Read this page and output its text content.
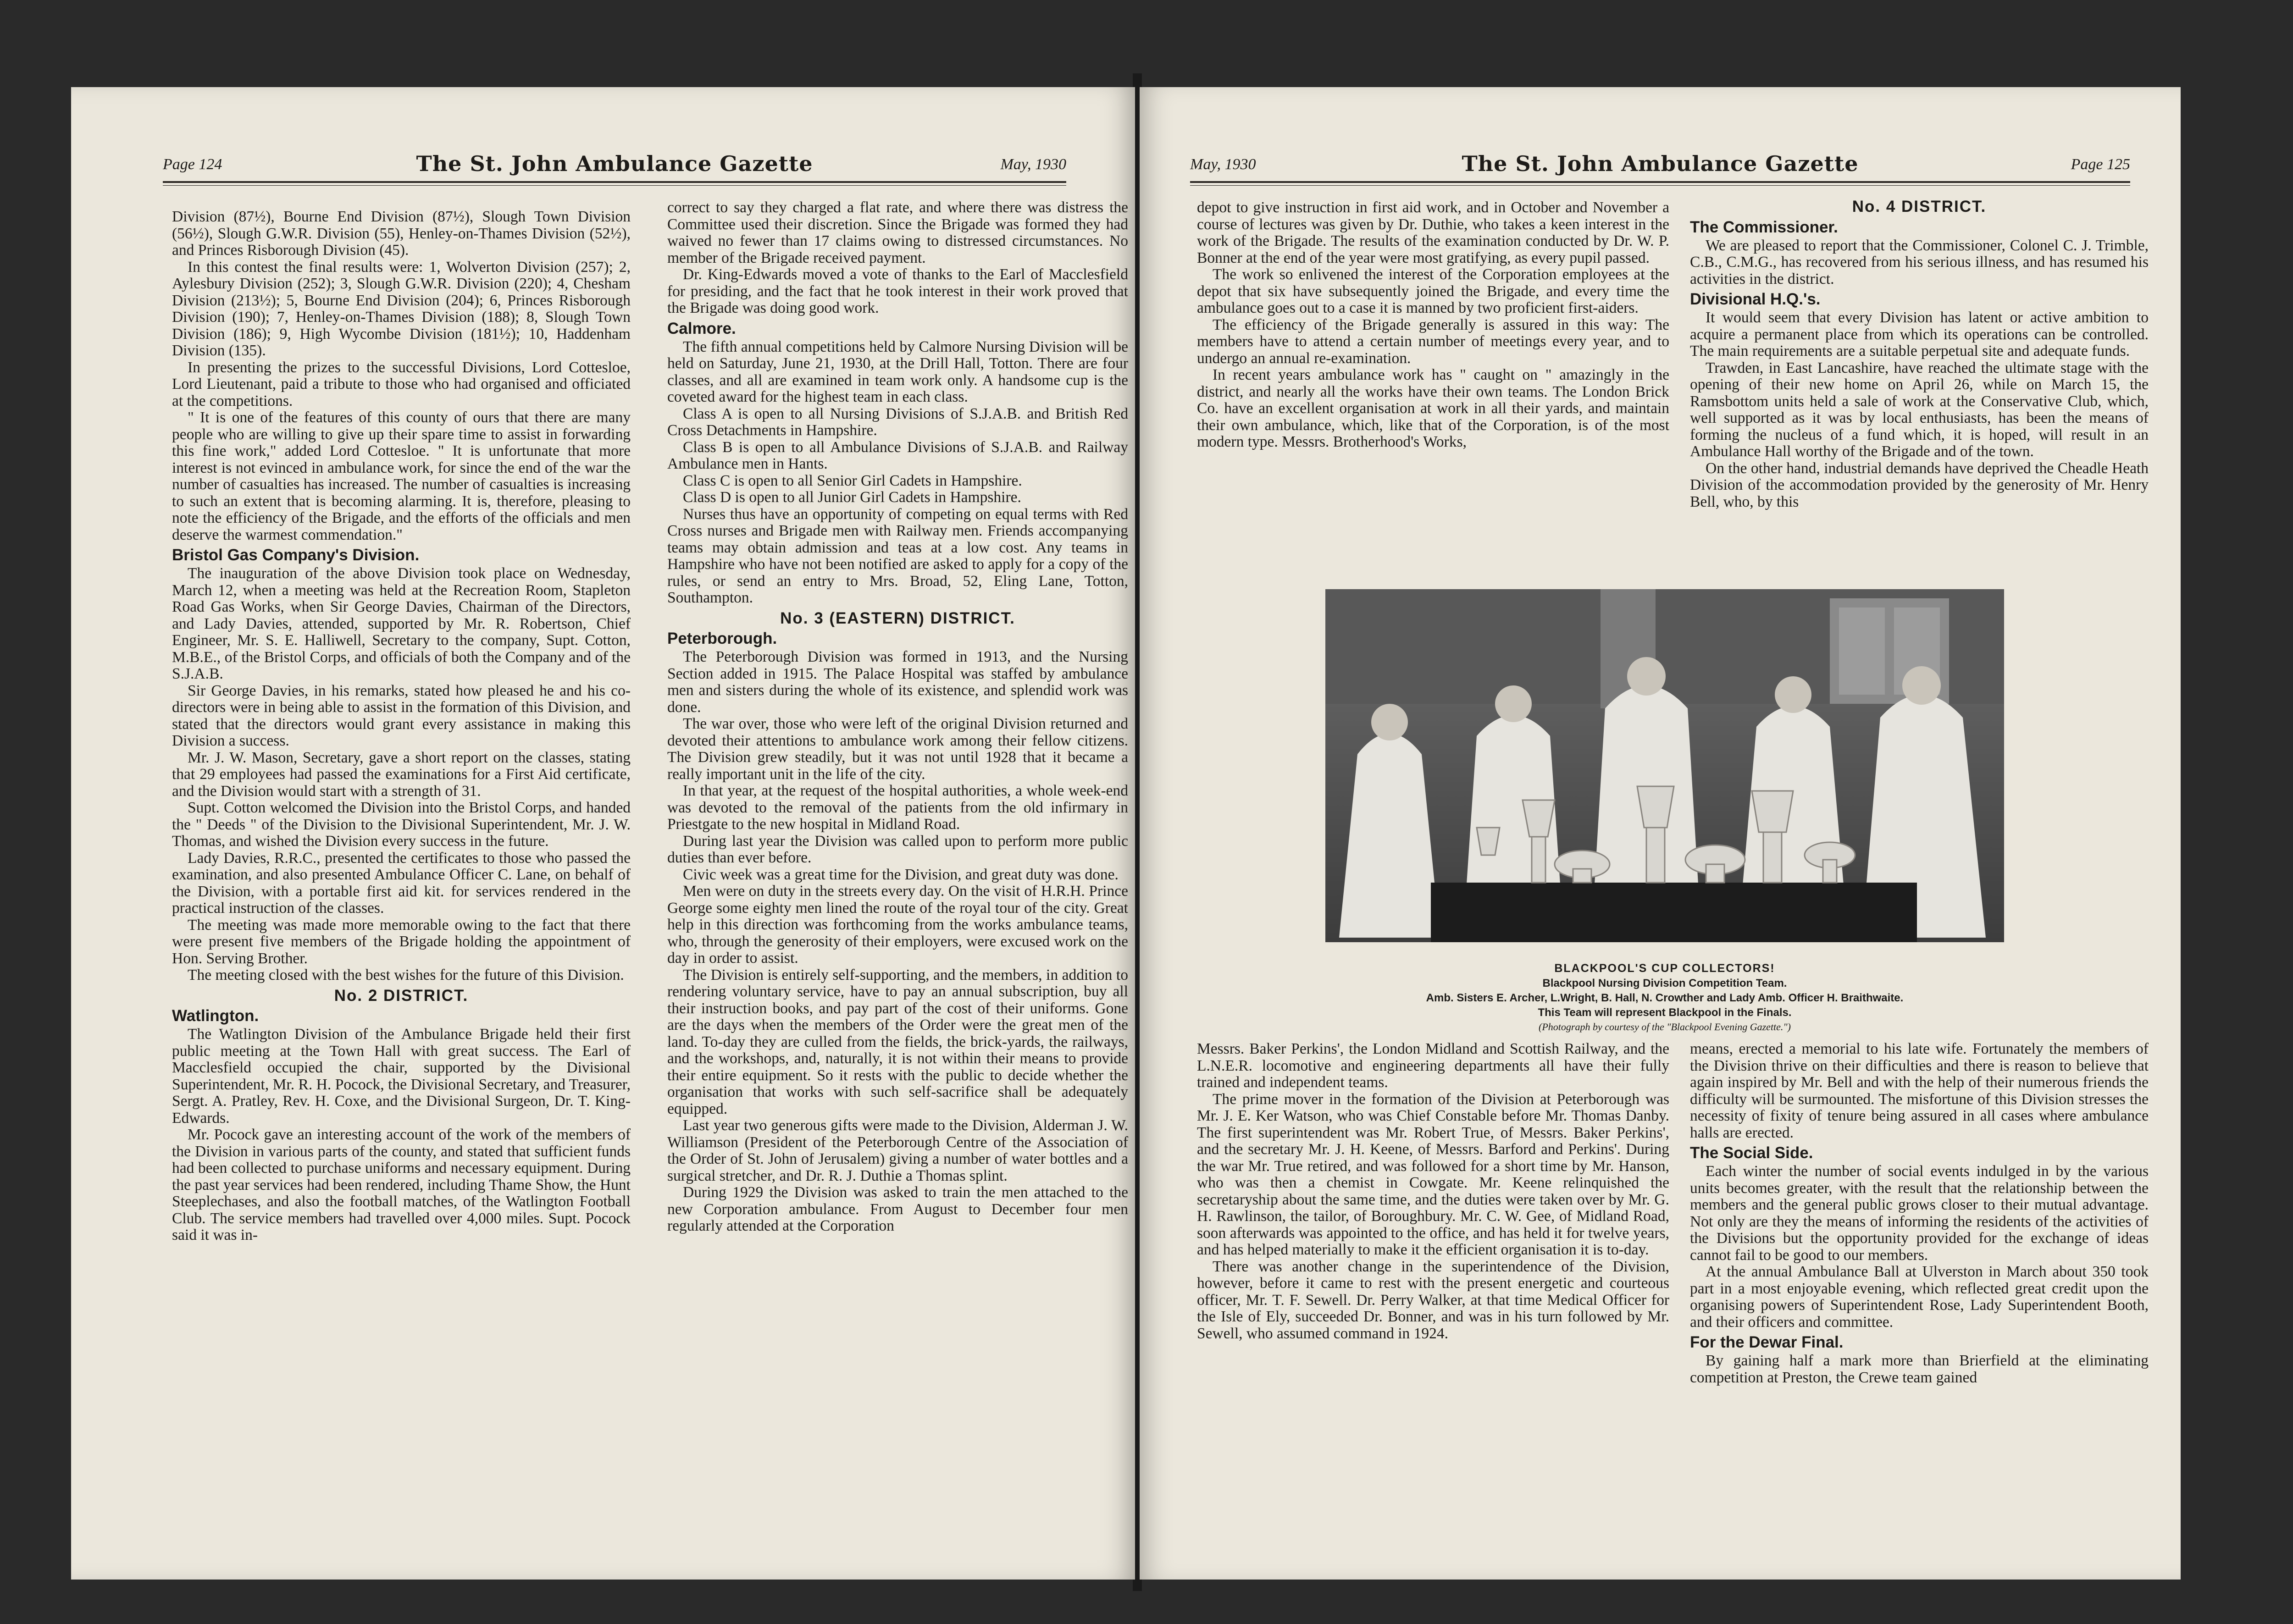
Page 124	The St. John Ambulance Gazette	May, 1930

Division (87½), Bourne End Division (87½), Slough Town Division (56½), Slough G.W.R. Division (55), Henley-on-Thames Division (52½), and Princes Risborough Division (45).

In this contest the final results were: 1, Wolverton Division (257); 2, Aylesbury Division (252); 3, Slough G.W.R. Division (220); 4, Chesham Division (213½); 5, Bourne End Division (204); 6, Princes Risborough Division (190); 7, Henley-on-Thames Division (188); 8, Slough Town Division (186); 9, High Wycombe Division (181½); 10, Haddenham Division (135).

In presenting the prizes to the successful Divisions, Lord Cottesloe, Lord Lieutenant, paid a tribute to those who had organised and officiated at the competitions.

" It is one of the features of this county of ours that there are many people who are willing to give up their spare time to assist in forwarding this fine work," added Lord Cottesloe. " It is unfortunate that more interest is not evinced in ambulance work, for since the end of the war the number of casualties has increased. The number of casualties is increasing to such an extent that is becoming alarming. It is, therefore, pleasing to note the efficiency of the Brigade, and the efforts of the officials and men deserve the warmest commendation."

Bristol Gas Company's Division.

The inauguration of the above Division took place on Wednesday, March 12, when a meeting was held at the Recreation Room, Stapleton Road Gas Works, when Sir George Davies, Chairman of the Directors, and Lady Davies, attended, supported by Mr. R. Robertson, Chief Engineer, Mr. S. E. Halliwell, Secretary to the company, Supt. Cotton, M.B.E., of the Bristol Corps, and officials of both the Company and of the S.J.A.B.

Sir George Davies, in his remarks, stated how pleased he and his co-directors were in being able to assist in the formation of this Division, and stated that the directors would grant every assistance in making this Division a success.

Mr. J. W. Mason, Secretary, gave a short report on the classes, stating that 29 employees had passed the examinations for a First Aid certificate, and the Division would start with a strength of 31.

Supt. Cotton welcomed the Division into the Bristol Corps, and handed the " Deeds " of the Division to the Divisional Superintendent, Mr. J. W. Thomas, and wished the Division every success in the future.

Lady Davies, R.R.C., presented the certificates to those who passed the examination, and also presented Ambulance Officer C. Lane, on behalf of the Division, with a portable first aid kit. for services rendered in the practical instruction of the classes.

The meeting was made more memorable owing to the fact that there were present five members of the Brigade holding the appointment of Hon. Serving Brother.

The meeting closed with the best wishes for the future of this Division.

No. 2 DISTRICT.
Watlington.

The Watlington Division of the Ambulance Brigade held their first public meeting at the Town Hall with great success. The Earl of Macclesfield occupied the chair, supported by the Divisional Superintendent, Mr. R. H. Pocock, the Divisional Secretary, and Treasurer, Sergt. A. Pratley, Rev. H. Coxe, and the Divisional Surgeon, Dr. T. King-Edwards.

Mr. Pocock gave an interesting account of the work of the members of the Division in various parts of the county, and stated that sufficient funds had been collected to purchase uniforms and necessary equipment. During the past year services had been rendered, including Thame Show, the Hunt Steeplechases, and also the football matches, of the Watlington Football Club. The service members had travelled over 4,000 miles. Supt. Pocock said it was in-

correct to say they charged a flat rate, and where there was distress the Committee used their discretion. Since the Brigade was formed they had waived no fewer than 17 claims owing to distressed circumstances. No member of the Brigade received payment.

Dr. King-Edwards moved a vote of thanks to the Earl of Macclesfield for presiding, and the fact that he took interest in their work proved that the Brigade was doing good work.

Calmore.

The fifth annual competitions held by Calmore Nursing Division will be held on Saturday, June 21, 1930, at the Drill Hall, Totton. There are four classes, and all are examined in team work only. A handsome cup is the coveted award for the highest team in each class.

Class A is open to all Nursing Divisions of S.J.A.B. and British Red Cross Detachments in Hampshire.

Class B is open to all Ambulance Divisions of S.J.A.B. and Railway Ambulance men in Hants.

Class C is open to all Senior Girl Cadets in Hampshire.

Class D is open to all Junior Girl Cadets in Hampshire.

Nurses thus have an opportunity of competing on equal terms with Red Cross nurses and Brigade men with Railway men. Friends accompanying teams may obtain admission and teas at a low cost. Any teams in Hampshire who have not been notified are asked to apply for a copy of the rules, or send an entry to Mrs. Broad, 52, Eling Lane, Totton, Southampton.

No. 3 (EASTERN) DISTRICT.
Peterborough.

The Peterborough Division was formed in 1913, and the Nursing Section added in 1915. The Palace Hospital was staffed by ambulance men and sisters during the whole of its existence, and splendid work was done.

The war over, those who were left of the original Division returned and devoted their attentions to ambulance work among their fellow citizens. The Division grew steadily, but it was not until 1928 that it became a really important unit in the life of the city.

In that year, at the request of the hospital authorities, a whole week-end was devoted to the removal of the patients from the old infirmary in Priestgate to the new hospital in Midland Road.

During last year the Division was called upon to perform more public duties than ever before.

Civic week was a great time for the Division, and great duty was done.

Men were on duty in the streets every day. On the visit of H.R.H. Prince George some eighty men lined the route of the royal tour of the city. Great help in this direction was forthcoming from the works ambulance teams, who, through the generosity of their employers, were excused work on the day in order to assist.

The Division is entirely self-supporting, and the members, in addition to rendering voluntary service, have to pay an annual subscription, buy all their instruction books, and pay part of the cost of their uniforms. Gone are the days when the members of the Order were the great men of the land. To-day they are culled from the fields, the brick-yards, the railways, and the workshops, and, naturally, it is not within their means to provide their entire equipment. So it rests with the public to decide whether the organisation that works with such self-sacrifice shall be adequately equipped.

Last year two generous gifts were made to the Division, Alderman J. W. Williamson (President of the Peterborough Centre of the Association of the Order of St. John of Jerusalem) giving a number of water bottles and a surgical stretcher, and Dr. R. J. Duthie a Thomas splint.

During 1929 the Division was asked to train the men attached to the new Corporation ambulance. From August to December four men regularly attended at the Corporation

May, 1930	The St. John Ambulance Gazette	Page 125

depot to give instruction in first aid work, and in October and November a course of lectures was given by Dr. Duthie, who takes a keen interest in the work of the Brigade. The results of the examination conducted by Dr. W. P. Bonner at the end of the year were most gratifying, as every pupil passed.

The work so enlivened the interest of the Corporation employees at the depot that six have subsequently joined the Brigade, and every time the ambulance goes out to a case it is manned by two proficient first-aiders.

The efficiency of the Brigade generally is assured in this way: The members have to attend a certain number of meetings every year, and to undergo an annual re-examination.

In recent years ambulance work has " caught on " amazingly in the district, and nearly all the works have their own teams. The London Brick Co. have an excellent organisation at work in all their yards, and maintain their own ambulance, which, like that of the Corporation, is of the most modern type. Messrs. Brotherhood's Works,

No. 4 DISTRICT.
The Commissioner.

We are pleased to report that the Commissioner, Colonel C. J. Trimble, C.B., C.M.G., has recovered from his serious illness, and has resumed his activities in the district.

Divisional H.Q.'s.

It would seem that every Division has latent or active ambition to acquire a permanent place from which its operations can be controlled. The main requirements are a suitable perpetual site and adequate funds.

Trawden, in East Lancashire, have reached the ultimate stage with the opening of their new home on April 26, while on March 15, the Ramsbottom units held a sale of work at the Conservative Club, which, well supported as it was by local enthusiasts, has been the means of forming the nucleus of a fund which, it is hoped, will result in an Ambulance Hall worthy of the Brigade and of the town.

On the other hand, industrial demands have deprived the Cheadle Heath Division of the accommodation provided by the generosity of Mr. Henry Bell, who, by this

BLACKPOOL'S CUP COLLECTORS!
Blackpool Nursing Division Competition Team.
Amb. Sisters E. Archer, L.Wright, B. Hall, N. Crowther and Lady Amb. Officer H. Braithwaite.
This Team will represent Blackpool in the Finals.
(Photograph by courtesy of the "Blackpool Evening Gazette.")

Messrs. Baker Perkins', the London Midland and Scottish Railway, and the L.N.E.R. locomotive and engineering departments all have their fully trained and independent teams.

The prime mover in the formation of the Division at Peterborough was Mr. J. E. Ker Watson, who was Chief Constable before Mr. Thomas Danby. The first superintendent was Mr. Robert True, of Messrs. Baker Perkins', and the secretary Mr. J. H. Keene, of Messrs. Barford and Perkins'. During the war Mr. True retired, and was followed for a short time by Mr. Hanson, who was then a chemist in Cowgate. Mr. Keene relinquished the secretaryship about the same time, and the duties were taken over by Mr. G. H. Rawlinson, the tailor, of Boroughbury. Mr. C. W. Gee, of Midland Road, soon afterwards was appointed to the office, and has held it for twelve years, and has helped materially to make it the efficient organisation it is to-day.

There was another change in the superintendence of the Division, however, before it came to rest with the present energetic and courteous officer, Mr. T. F. Sewell. Dr. Perry Walker, at that time Medical Officer for the Isle of Ely, succeeded Dr. Bonner, and was in his turn followed by Mr. Sewell, who assumed command in 1924.

means, erected a memorial to his late wife. Fortunately the members of the Division thrive on their difficulties and there is reason to believe that again inspired by Mr. Bell and with the help of their numerous friends the difficulty will be surmounted. The misfortune of this Division stresses the necessity of fixity of tenure being assured in all cases where ambulance halls are erected.

The Social Side.

Each winter the number of social events indulged in by the various units becomes greater, with the result that the relationship between the members and the general public grows closer to their mutual advantage. Not only are they the means of informing the residents of the activities of the Divisions but the opportunity provided for the exchange of ideas cannot fail to be good to our members.

At the annual Ambulance Ball at Ulverston in March about 350 took part in a most enjoyable evening, which reflected great credit upon the organising powers of Superintendent Rose, Lady Superintendent Booth, and their officers and committee.

For the Dewar Final.

By gaining half a mark more than Brierfield at the eliminating competition at Preston, the Crewe team gained
